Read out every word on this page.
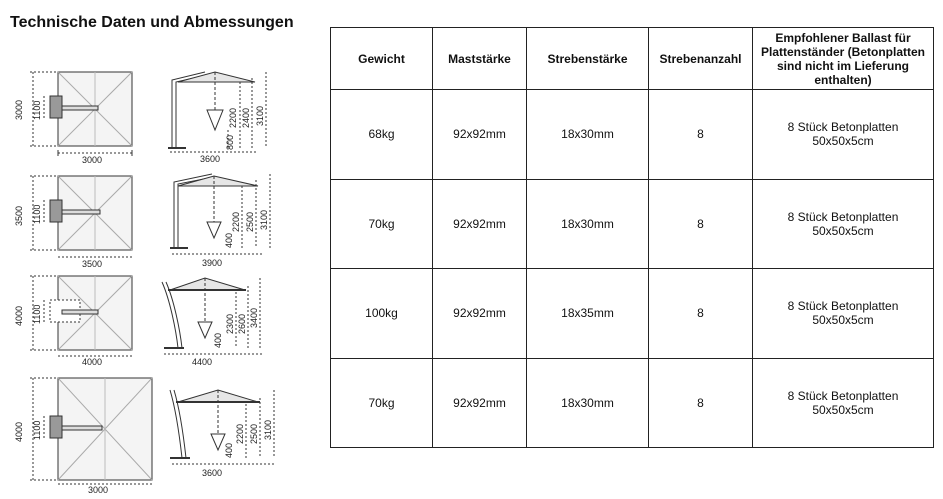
Technische Daten und Abmessungen
3000 1100
3000	3600
2200 2400 3100
800
3500 1100
3500	3900
2200 2500 3100
400
4000 1100
4000	4400
2300 2600 3400
400
4000 1100
3000
3600
2200 2500 3100
400
Gewicht	Maststärke	Strebenstärke	Strebenanzahl	Empfohlener Ballast für Plattenständer (Betonplatten sind nicht im Lieferung enthalten)
68kg	92x92mm	18x30mm	8	8 Stück Betonplatten
50x50x5cm

70kg	92x92mm	18x30mm	8	8 Stück Betonplatten
50x50x5cm

100kg	92x92mm	18x35mm	8	8 Stück Betonplatten
50x50x5cm

70kg	92x92mm	18x30mm	8	8 Stück Betonplatten
50x50x5cm
